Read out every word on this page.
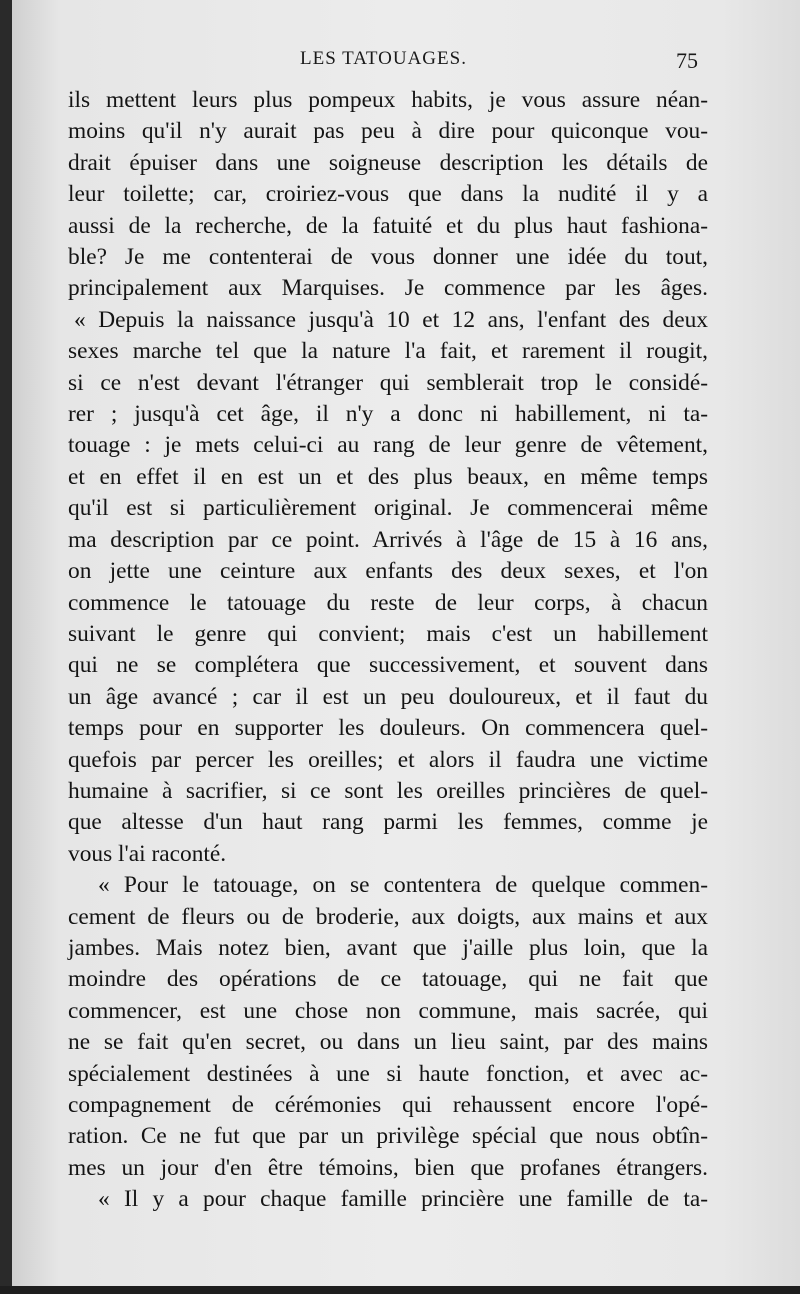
LES TATOUAGES.	75

ils mettent leurs plus pompeux habits, je vous assure néan-
moins qu'il n'y aurait pas peu à dire pour quiconque vou-
drait épuiser dans une soigneuse description les détails de
leur toilette; car, croiriez-vous que dans la nudité il y a
aussi de la recherche, de la fatuité et du plus haut fashiona-
ble? Je me contenterai de vous donner une idée du tout,
principalement aux Marquises. Je commence par les âges.

« Depuis la naissance jusqu'à 10 et 12 ans, l'enfant des deux
sexes marche tel que la nature l'a fait, et rarement il rougit,
si ce n'est devant l'étranger qui semblerait trop le considé-
rer ; jusqu'à cet âge, il n'y a donc ni habillement, ni ta-
touage : je mets celui-ci au rang de leur genre de vêtement,
et en effet il en est un et des plus beaux, en même temps
qu'il est si particulièrement original. Je commencerai même
ma description par ce point. Arrivés à l'âge de 15 à 16 ans,
on jette une ceinture aux enfants des deux sexes, et l'on
commence le tatouage du reste de leur corps, à chacun
suivant le genre qui convient; mais c'est un habillement
qui ne se complétera que successivement, et souvent dans
un âge avancé ; car il est un peu douloureux, et il faut du
temps pour en supporter les douleurs. On commencera quel-
quefois par percer les oreilles; et alors il faudra une victime
humaine à sacrifier, si ce sont les oreilles princières de quel-
que altesse d'un haut rang parmi les femmes, comme je
vous l'ai raconté.

« Pour le tatouage, on se contentera de quelque commen-
cement de fleurs ou de broderie, aux doigts, aux mains et aux
jambes. Mais notez bien, avant que j'aille plus loin, que la
moindre des opérations de ce tatouage, qui ne fait que
commencer, est une chose non commune, mais sacrée, qui
ne se fait qu'en secret, ou dans un lieu saint, par des mains
spécialement destinées à une si haute fonction, et avec ac-
compagnement de cérémonies qui rehaussent encore l'opé-
ration. Ce ne fut que par un privilège spécial que nous obtîn-
mes un jour d'en être témoins, bien que profanes étrangers.

« Il y a pour chaque famille princière une famille de ta-
